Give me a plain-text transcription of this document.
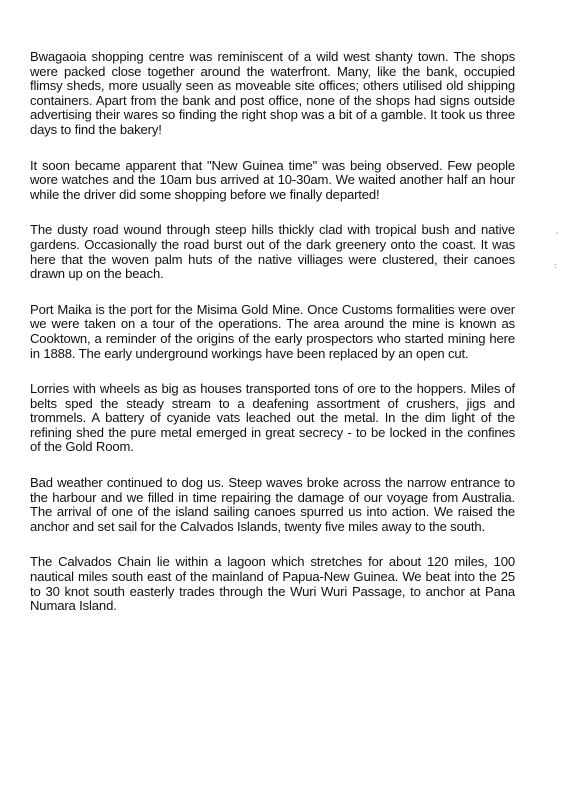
Bwagaoia shopping centre was reminiscent of a wild west shanty town. The shops were packed close together around the waterfront. Many, like the bank, occupied flimsy sheds, more usually seen as moveable site offices; others utilised old shipping containers. Apart from the bank and post office, none of the shops had signs outside advertising their wares so finding the right shop was a bit of a gamble. It took us three days to find the bakery!

It soon became apparent that "New Guinea time" was being observed. Few people wore watches and the 10am bus arrived at 10-30am. We waited another half an hour while the driver did some shopping before we finally departed!

The dusty road wound through steep hills thickly clad with tropical bush and native gardens. Occasionally the road burst out of the dark greenery onto the coast. It was here that the woven palm huts of the native villiages were clustered, their canoes drawn up on the beach.

Port Maika is the port for the Misima Gold Mine. Once Customs formalities were over we were taken on a tour of the operations. The area around the mine is known as Cooktown, a reminder of the origins of the early prospectors who started mining here in 1888. The early underground workings have been replaced by an open cut.

Lorries with wheels as big as houses transported tons of ore to the hoppers. Miles of belts sped the steady stream to a deafening assortment of crushers, jigs and trommels. A battery of cyanide vats leached out the metal. In the dim light of the refining shed the pure metal emerged in great secrecy - to be locked in the confines of the Gold Room.

Bad weather continued to dog us. Steep waves broke across the narrow entrance to the harbour and we filled in time repairing the damage of our voyage from Australia. The arrival of one of the island sailing canoes spurred us into action. We raised the anchor and set sail for the Calvados Islands, twenty five miles away to the south.

The Calvados Chain lie within a lagoon which stretches for about 120 miles, 100 nautical miles south east of the mainland of Papua-New Guinea. We beat into the 25 to 30 knot south easterly trades through the Wuri Wuri Passage, to anchor at Pana Numara Island.

'
:
